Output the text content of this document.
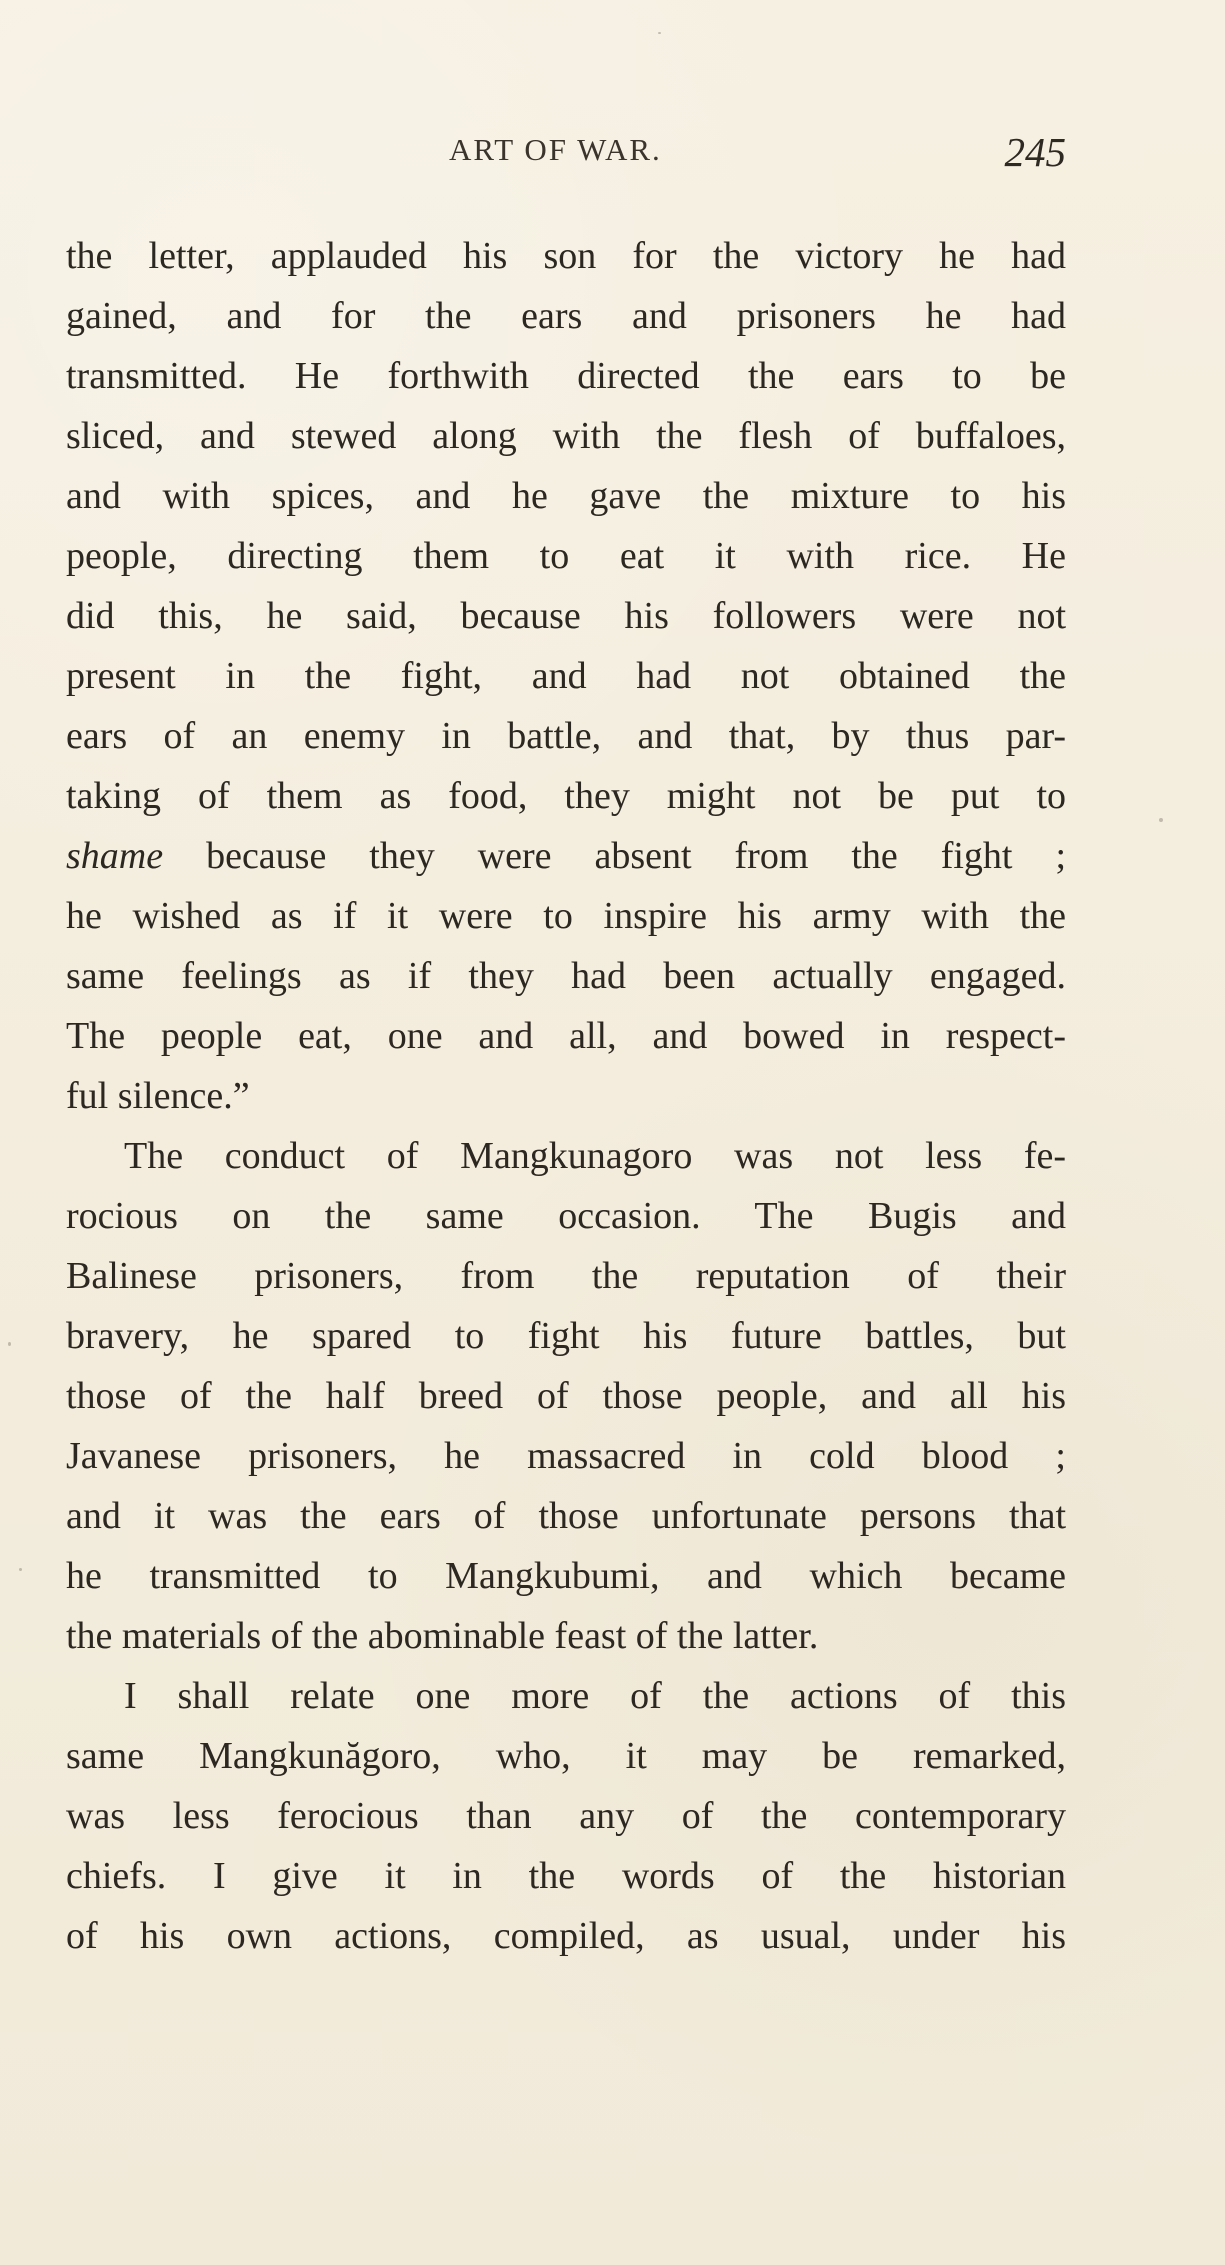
ART OF WAR.	245
the letter, applauded his son for the victory he had
gained, and for the ears and prisoners he had
transmitted. He forthwith directed the ears to be
sliced, and stewed along with the flesh of buffaloes,
and with spices, and he gave the mixture to his
people, directing them to eat it with rice. He
did this, he said, because his followers were not
present in the fight, and had not obtained the
ears of an enemy in battle, and that, by thus par-
taking of them as food, they might not be put to
shame because they were absent from the fight ;
he wished as if it were to inspire his army with the
same feelings as if they had been actually engaged.
The people eat, one and all, and bowed in respect-
ful silence.”
The conduct of Mangkunagoro was not less fe-
rocious on the same occasion. The Bugis and
Balinese prisoners, from the reputation of their
bravery, he spared to fight his future battles, but
those of the half breed of those people, and all his
Javanese prisoners, he massacred in cold blood ;
and it was the ears of those unfortunate persons that
he transmitted to Mangkubumi, and which became
the materials of the abominable feast of the latter.
I shall relate one more of the actions of this
same Mangkunăgoro, who, it may be remarked,
was less ferocious than any of the contemporary
chiefs. I give it in the words of the historian
of his own actions, compiled, as usual, under his
